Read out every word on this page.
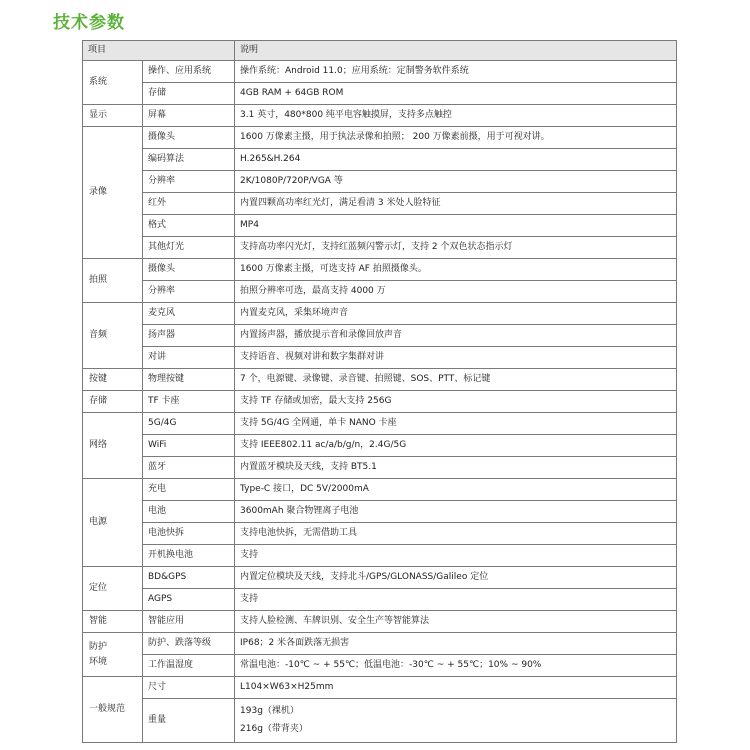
技术参数
项目		说明
系统	操作、应用系统	操作系统：Android 11.0；应用系统：定制警务软件系统
	存储	4GB RAM + 64GB ROM
显示	屏幕	3.1 英寸，480*800 纯平电容触摸屏，支持多点触控
录像	摄像头	1600 万像素主摄，用于执法录像和拍照； 200 万像素前摄，用于可视对讲。
	编码算法	H.265&H.264
	分辨率	2K/1080P/720P/VGA 等
	红外	内置四颗高功率红光灯，满足看清 3 米处人脸特征
	格式	MP4
	其他灯光	支持高功率闪光灯，支持红蓝频闪警示灯，支持 2 个双色状态指示灯
拍照	摄像头	1600 万像素主摄，可选支持 AF 拍照摄像头。
	分辨率	拍照分辨率可选，最高支持 4000 万
音频	麦克风	内置麦克风，采集环境声音
	扬声器	内置扬声器，播放提示音和录像回放声音
	对讲	支持语音、视频对讲和数字集群对讲
按键	物理按键	7 个，电源键、录像键、录音键、拍照键、SOS、PTT、标记键
存储	TF 卡座	支持 TF 存储或加密，最大支持 256G
网络	5G/4G	支持 5G/4G 全网通，单卡 NANO 卡座
	WiFi	支持 IEEE802.11 ac/a/b/g/n，2.4G/5G
	蓝牙	内置蓝牙模块及天线，支持 BT5.1
电源	充电	Type-C 接口，DC 5V/2000mA
	电池	3600mAh 聚合物锂离子电池
	电池快拆	支持电池快拆，无需借助工具
	开机换电池	支持
定位	BD&GPS	内置定位模块及天线，支持北斗/GPS/GLONASS/Galileo 定位
	AGPS	支持
智能	智能应用	支持人脸检测、车牌识别、安全生产等智能算法

防护
环境	防护、跌落等级	IP68；2 米各面跌落无损害
	工作温湿度	常温电池：-10℃ ~ + 55℃；低温电池：-30℃ ~ + 55℃；10% ~ 90%
一般规范	尺寸	L104×W63×H25mm
	重量	193g（裸机）
216g（带背夹）
